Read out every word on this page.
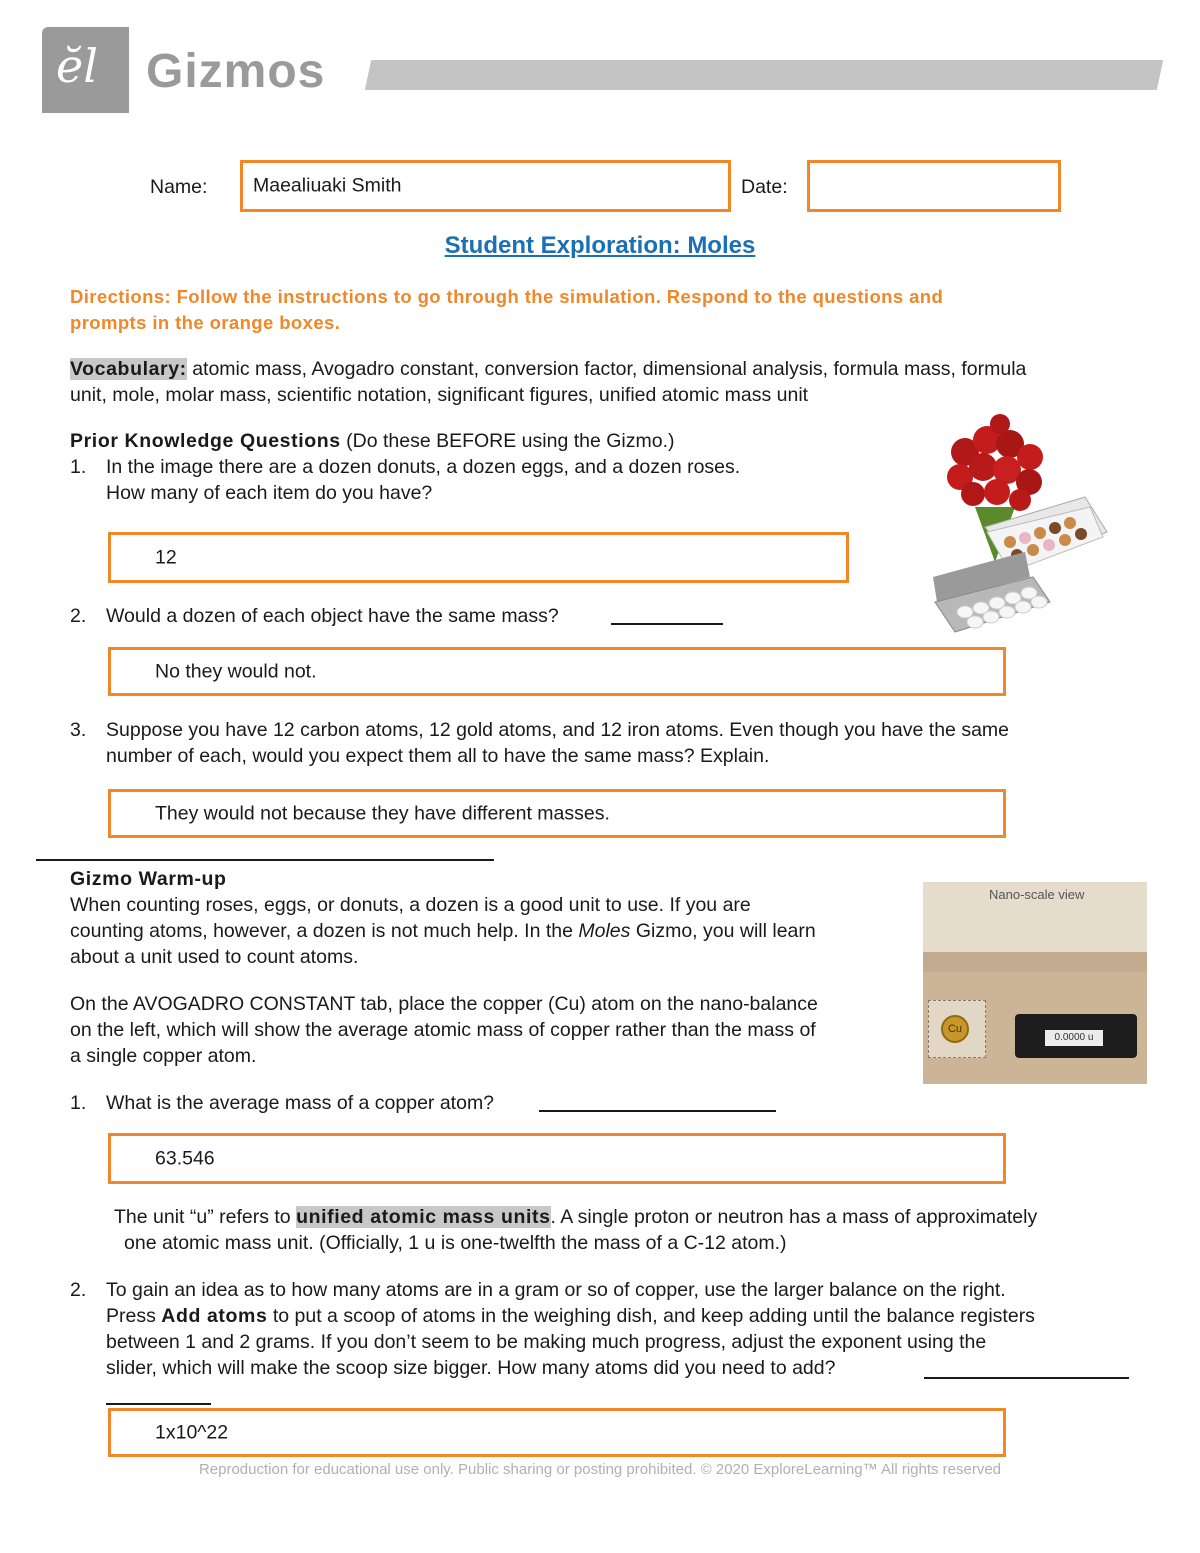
ĕl Gizmos
Name: Maealiuaki Smith	Date:
Student Exploration: Moles
Directions: Follow the instructions to go through the simulation. Respond to the questions and
prompts in the orange boxes.
Vocabulary: atomic mass, Avogadro constant, conversion factor, dimensional analysis, formula mass, formula
unit, mole, molar mass, scientific notation, significant figures, unified atomic mass unit
Prior Knowledge Questions (Do these BEFORE using the Gizmo.)
1. In the image there are a dozen donuts, a dozen eggs, and a dozen roses.
How many of each item do you have?
12
2. Would a dozen of each object have the same mass?
No they would not.
3. Suppose you have 12 carbon atoms, 12 gold atoms, and 12 iron atoms. Even though you have the same
number of each, would you expect them all to have the same mass? Explain.
They would not because they have different masses.
Gizmo Warm-up
When counting roses, eggs, or donuts, a dozen is a good unit to use. If you are
counting atoms, however, a dozen is not much help. In the Moles Gizmo, you will learn
about a unit used to count atoms.
On the AVOGADRO CONSTANT tab, place the copper (Cu) atom on the nano-balance
on the left, which will show the average atomic mass of copper rather than the mass of
a single copper atom.
Nano-scale view
Cu
0.0000 u
1. What is the average mass of a copper atom?
63.546
The unit “u” refers to unified atomic mass units. A single proton or neutron has a mass of approximately
one atomic mass unit. (Officially, 1 u is one-twelfth the mass of a C-12 atom.)
2. To gain an idea as to how many atoms are in a gram or so of copper, use the larger balance on the right.
Press Add atoms to put a scoop of atoms in the weighing dish, and keep adding until the balance registers
between 1 and 2 grams. If you don’t seem to be making much progress, adjust the exponent using the
slider, which will make the scoop size bigger. How many atoms did you need to add?
1x10^22
Reproduction for educational use only. Public sharing or posting prohibited. © 2020 ExploreLearning™ All rights reserved
